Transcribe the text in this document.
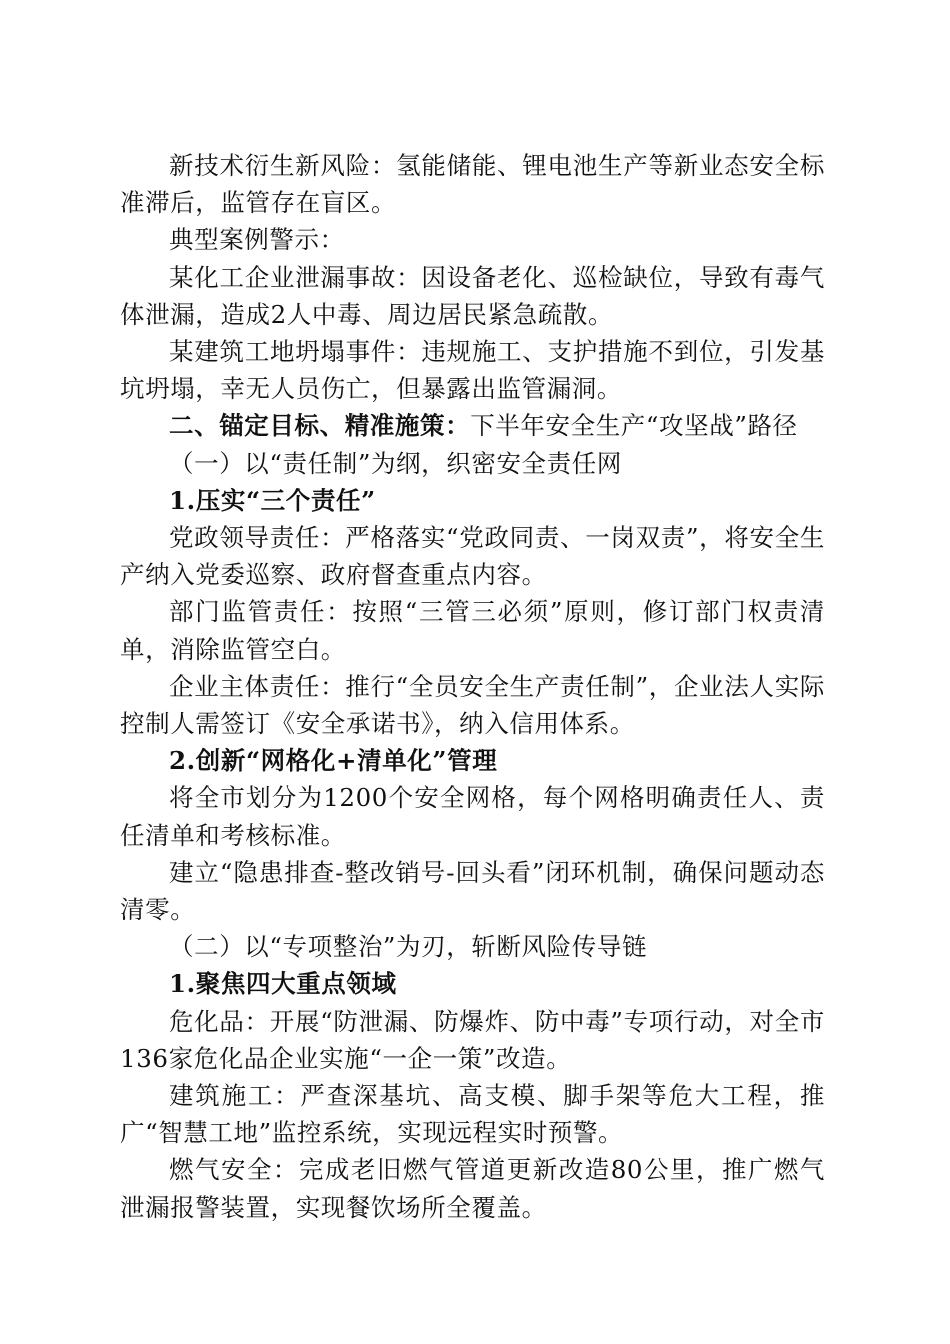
新技术衍生新风险：氢能储能、锂电池生产等新业态安全标准滞后，监管存在盲区。

典型案例警示：

某化工企业泄漏事故：因设备老化、巡检缺位，导致有毒气体泄漏，造成2人中毒、周边居民紧急疏散。

某建筑工地坍塌事件：违规施工、支护措施不到位，引发基坑坍塌，幸无人员伤亡，但暴露出监管漏洞。

二、锚定目标、精准施策：下半年安全生产“攻坚战”路径

（一）以“责任制”为纲，织密安全责任网

1.压实“三个责任”

党政领导责任：严格落实“党政同责、一岗双责”，将安全生产纳入党委巡察、政府督查重点内容。

部门监管责任：按照“三管三必须”原则，修订部门权责清单，消除监管空白。

企业主体责任：推行“全员安全生产责任制”，企业法人实际控制人需签订《安全承诺书》，纳入信用体系。

2.创新“网格化+清单化”管理

将全市划分为1200个安全网格，每个网格明确责任人、责任清单和考核标准。

建立“隐患排查-整改销号-回头看”闭环机制，确保问题动态清零。

（二）以“专项整治”为刃，斩断风险传导链

1.聚焦四大重点领域

危化品：开展“防泄漏、防爆炸、防中毒”专项行动，对全市136家危化品企业实施“一企一策”改造。

建筑施工：严查深基坑、高支模、脚手架等危大工程，推广“智慧工地”监控系统，实现远程实时预警。

燃气安全：完成老旧燃气管道更新改造80公里，推广燃气泄漏报警装置，实现餐饮场所全覆盖。
